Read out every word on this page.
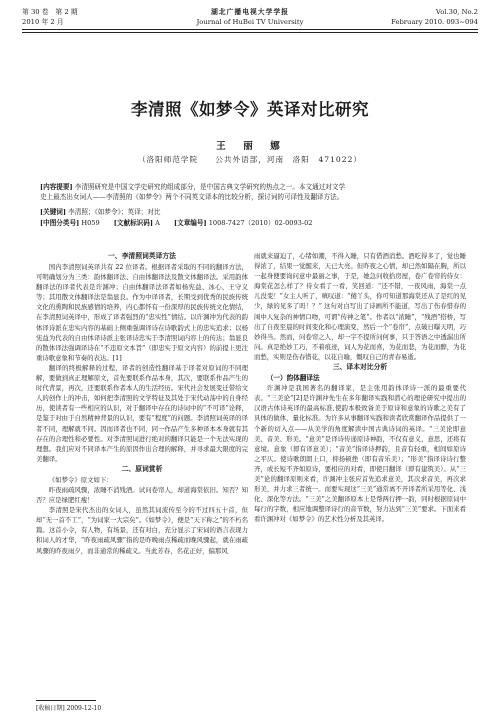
第 30 卷　第 2 期	湖北广播电视大学学报	Vol.30, No.2
2010 年 2 月	Journal of HuBei TV University	February 2010. 093~094
李清照《如梦令》英译对比研究
王　丽　娜
（洛阳师范学院　　公共外语部，河南　洛阳　471022）
[内容提要] 李清照研究是中国文学史研究的组成部分，是中国古典文学研究的热点之一。本文通过对文学
史上最杰出女词人——李清照的《如梦令》两个不同英文译本的比较分析，探讨词的可译性及翻译方法。
[关键词] 李清照；《如梦令》；英译；对比
[中图分类号] H059 [文献标识码] A [文章编号] 1008-7427（2010）02-0093-02
一、李清照词英译方法

国内李清照词英译共有 22 位译者。根据译者采取的不同的翻译方法，可明确划分为三类：韵体翻译法、自由体翻译法及散文体翻译法。采用韵体翻译法的译者代表是许渊冲；自由体翻译法译者如杨宪益、冰心、王守义等；其用散文体翻译法是翁显良。作为中译译者，长期受到优秀的民族传统文化的熏陶和民族感情的培养，内心都怀有一份深厚的民族传统文化情结，在李清照词英译中，形成了译者强烈的“忠实性”情结。以许渊冲为代表的韵体译诗派在忠实内容的基础上侧重强调译诗在诗歌韵式上的忠实追求；以杨宪益为代表的自由体译诗派主张译诗忠实于李清照词内容上的传达；翁显良的散体译法强调译诗在“不违原文本旨”（即忠实于原文内容）的前提上更注重诗歌意象和节奏的表达。[1]

翻译的终极解释的过程，译者的创造性翻译基于译者对原词的不同理解，要做到真正理解原文，首先要联系作品本身，其次，要联系作品产生的时代背景，再次，还要联系作者本人的生活经历。宋代社会发展变迁带给文人的创作上的冲击，如何把李清照的文学特征及其处于宋代动荡中的自身经历，使读者有一些相应的认识，对于翻译中存在的诗词中的“不可译”诠释，是鉴于对由于自然精神背景的认识，要有“程度”的问题。李清照词英译的译者不同，理解就不同。因而译者也不同，同一作品产生多种译本本身就有其存在的合理性和必要性。对李清照词进行绝对的翻译只能是一个无法实现的理想。我们应对不同译本产生的原因作出合理的解释，并寻求最大限度的完美翻译。

二、原词赏析

《如梦令》原文如下：

昨夜雨疏风骤，浓睡不消残酒。试问卷帘人，却道海棠依旧。知否？知否？应是绿肥红瘦！

李清照是宋代杰出的女词人，虽然其词流传至今的不过四五十首，但却“无一首不工”，“为词家一大宗矣”。《如梦令》，便是“天下称之”的不朽名篇。这首小令，有人物，有场景，还有对白，充分显示了宋词的语言表现力和词人的才华，“昨夜雨疏风骤”指的是昨晚雨点稀疏而晚风骤起，就在雨疏风骤的昨夜雨夕，而非通常的稀疏义。当此芳春，名花正好，偏那风

雨就来逼迫了，心绪如潮，不得入睡，只有借酒消愁。酒吃得多了，觉也睡得浓了，结果一觉醒来，天已大亮。但昨夜之心情，却已然如隔在胸，所以一起身便要询问意中最丽之事，于是，她急问收拾房屋，卷广卷帘的侍女：海棠花怎么样了？侍女看了一看，笑回道：“还不错，一夜风雨，海棠一点儿没变！”女主人听了，嗔叹道：“傻丫头，你可知道那海棠还从了是红的见少，绿的见多了吗！？” 这句对白写出了诗画所不能道，写出了伤春惜春的闺中人复杂的神情口吻，可谓“传神之笔”。作者以“浓睡”，“残酒”搭桥，写出了自夜至晨的时间变化和心理演变，然后一个“卷帘”，点破日曝天明，巧妙得当。然而，问卷帘之人，却一字不提所问何事，只于答语之中透漏出所问。真是绝妙工巧，不着痕迹，词人为花而喜，为花而悲，为花而醉，为花而愁，实则是伤春惜花，以花自喻，慨叹自己的青春易逝。

三、译本对比分析
（一）韵体翻译法

许渊冲是我国著名的翻译家，是主张用韵体译诗一派的最重要代表。“三美论”[2]是许渊冲先生在多年翻译实践和潜心的理论研究中提出的汉语古体诗英译的最高标准,使韵本极致备美于原诗和意象的诗歌之美有了具体的做体，量化标准。为许多从事翻译实践和读者欣赏翻译作品提供了一个新的切入点——从美学的角度解读中国古典诗词的英译。“三美论即意美、音美、形美。“意美”是译诗传递原诗神韵，不仅有意义，意思，还将有意境。意象（即有译意美）；“音美”指译诗押韵，且音有轻重，相间如原诗之平仄。使诗歌朗朗上口，抑扬顿挫（即有音乐美）；“形美”指译诗诗行整齐，或长短不齐如原诗，要相应的对看，即使目翻译（即有建筑美）。从“三美”论的翻译原则来看，许渊冲主张应首先追求意美，其次求音美，再次求形美，并力求三者统一。而要实现这“三美”通常离不开译者所采用等化、浅化、深化等方法。“三美”之美翻译原本上是帮两行押一韵，同时根据原词中每行的字数，相应地调整译诗行的音节数，努力达到“三美”要求。下面来看看许渊冲对《如梦令》的艺术性分析及其英译。

[收稿日期] 2009-12-10
